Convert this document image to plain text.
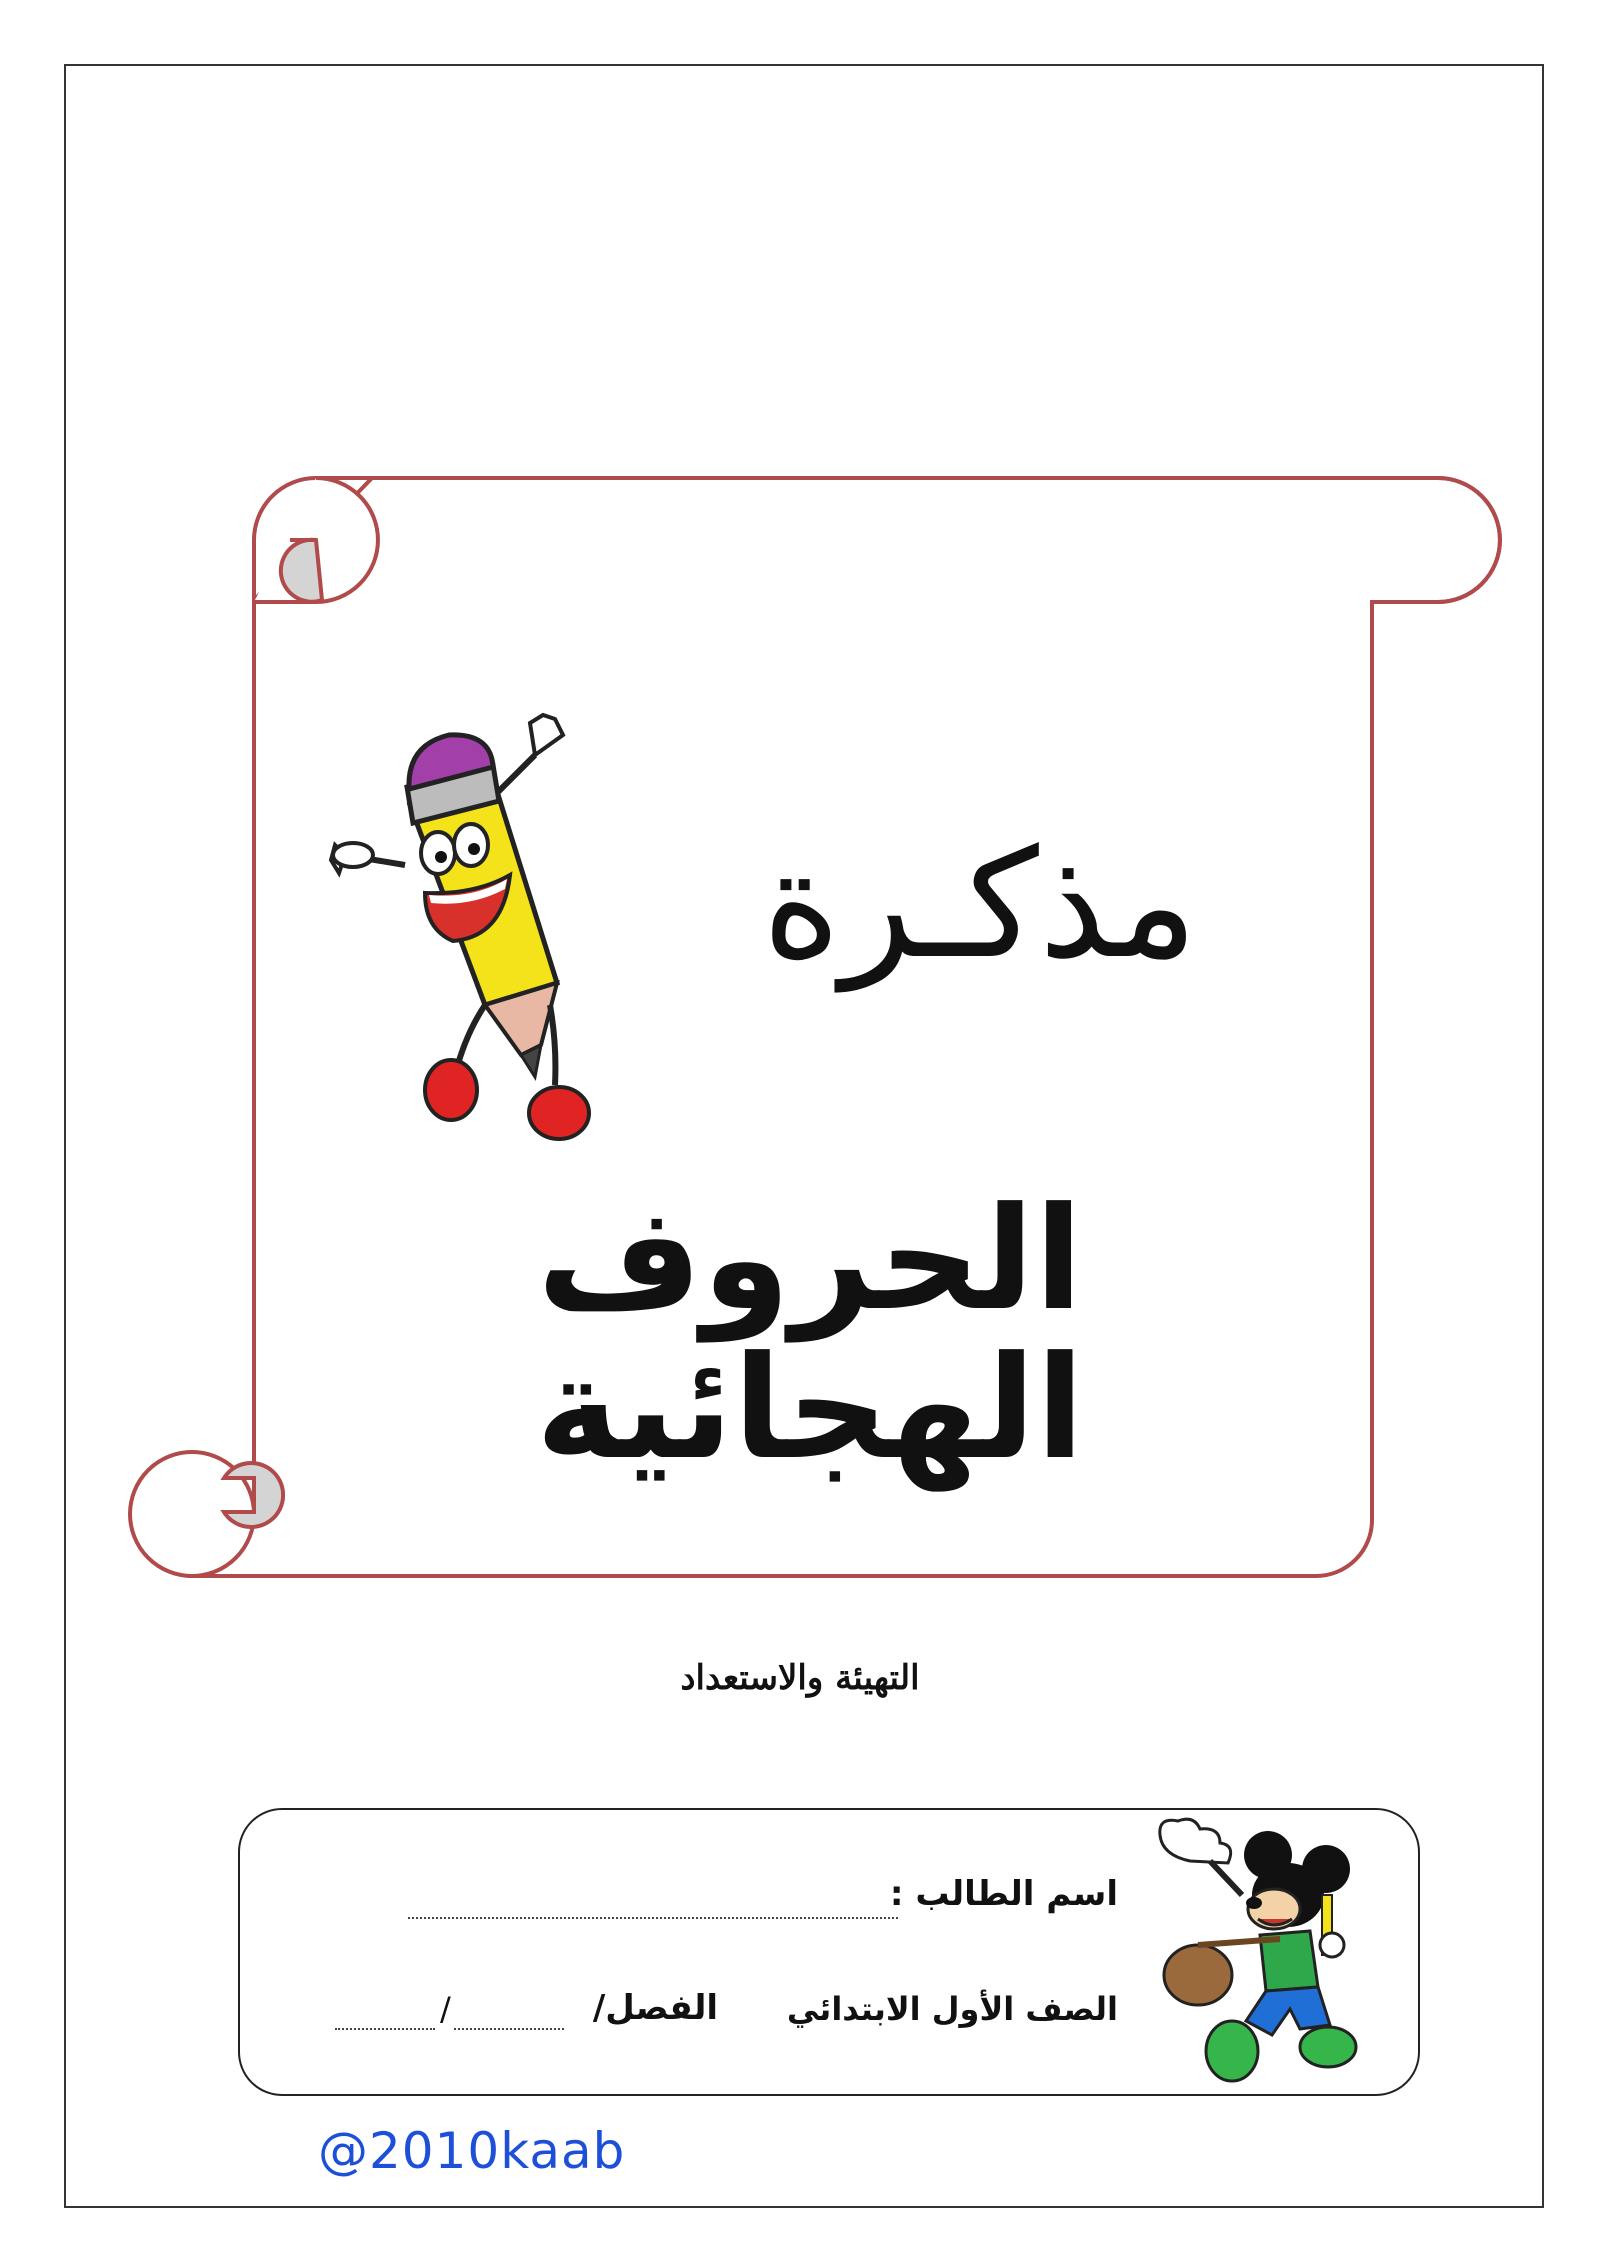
مذكـرة
الحروف الهجائية
التهيئة والاستعداد
اسم الطالب :
الصف الأول الابتدائي
الفصل/
/
@2010kaab
